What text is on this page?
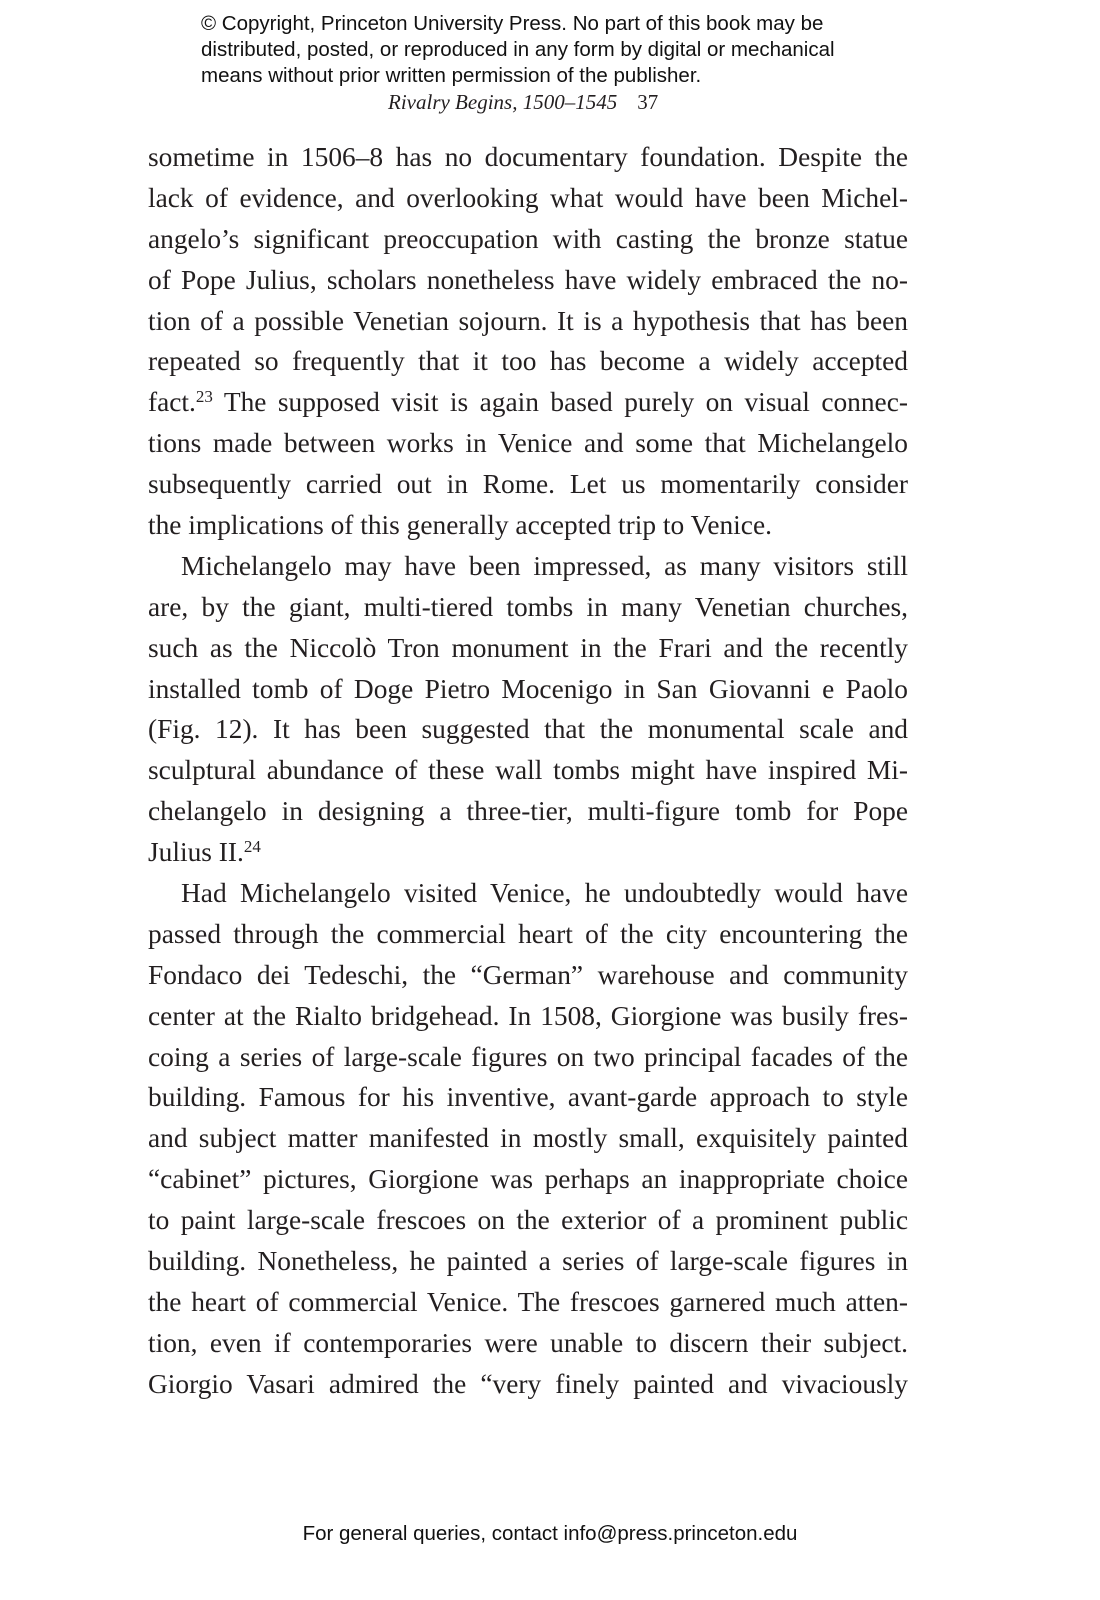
© Copyright, Princeton University Press. No part of this book may be
distributed, posted, or reproduced in any form by digital or mechanical
means without prior written permission of the publisher.
Rivalry Begins, 1500–1545 37
sometime in 1506–8 has no documentary foundation. Despite the
lack of evidence, and overlooking what would have been Michel-
angelo’s significant preoccupation with casting the bronze statue
of Pope Julius, scholars nonetheless have widely embraced the no-
tion of a possible Venetian sojourn. It is a hypothesis that has been
repeated so frequently that it too has become a widely accepted
fact.$^{23}$ The supposed visit is again based purely on visual connec-
tions made between works in Venice and some that Michelangelo
subsequently carried out in Rome. Let us momentarily consider
the implications of this generally accepted trip to Venice.
Michelangelo may have been impressed, as many visitors still
are, by the giant, multi-tiered tombs in many Venetian churches,
such as the Niccolò Tron monument in the Frari and the recently
installed tomb of Doge Pietro Mocenigo in San Giovanni e Paolo
(Fig. 12). It has been suggested that the monumental scale and
sculptural abundance of these wall tombs might have inspired Mi-
chelangelo in designing a three-tier, multi-figure tomb for Pope
Julius II.$^{24}$
Had Michelangelo visited Venice, he undoubtedly would have
passed through the commercial heart of the city encountering the
Fondaco dei Tedeschi, the “German” warehouse and community
center at the Rialto bridgehead. In 1508, Giorgione was busily fres-
coing a series of large-scale figures on two principal facades of the
building. Famous for his inventive, avant-garde approach to style
and subject matter manifested in mostly small, exquisitely painted
“cabinet” pictures, Giorgione was perhaps an inappropriate choice
to paint large-scale frescoes on the exterior of a prominent public
building. Nonetheless, he painted a series of large-scale figures in
the heart of commercial Venice. The frescoes garnered much atten-
tion, even if contemporaries were unable to discern their subject.
Giorgio Vasari admired the “very finely painted and vivaciously
For general queries, contact info@press.princeton.edu
